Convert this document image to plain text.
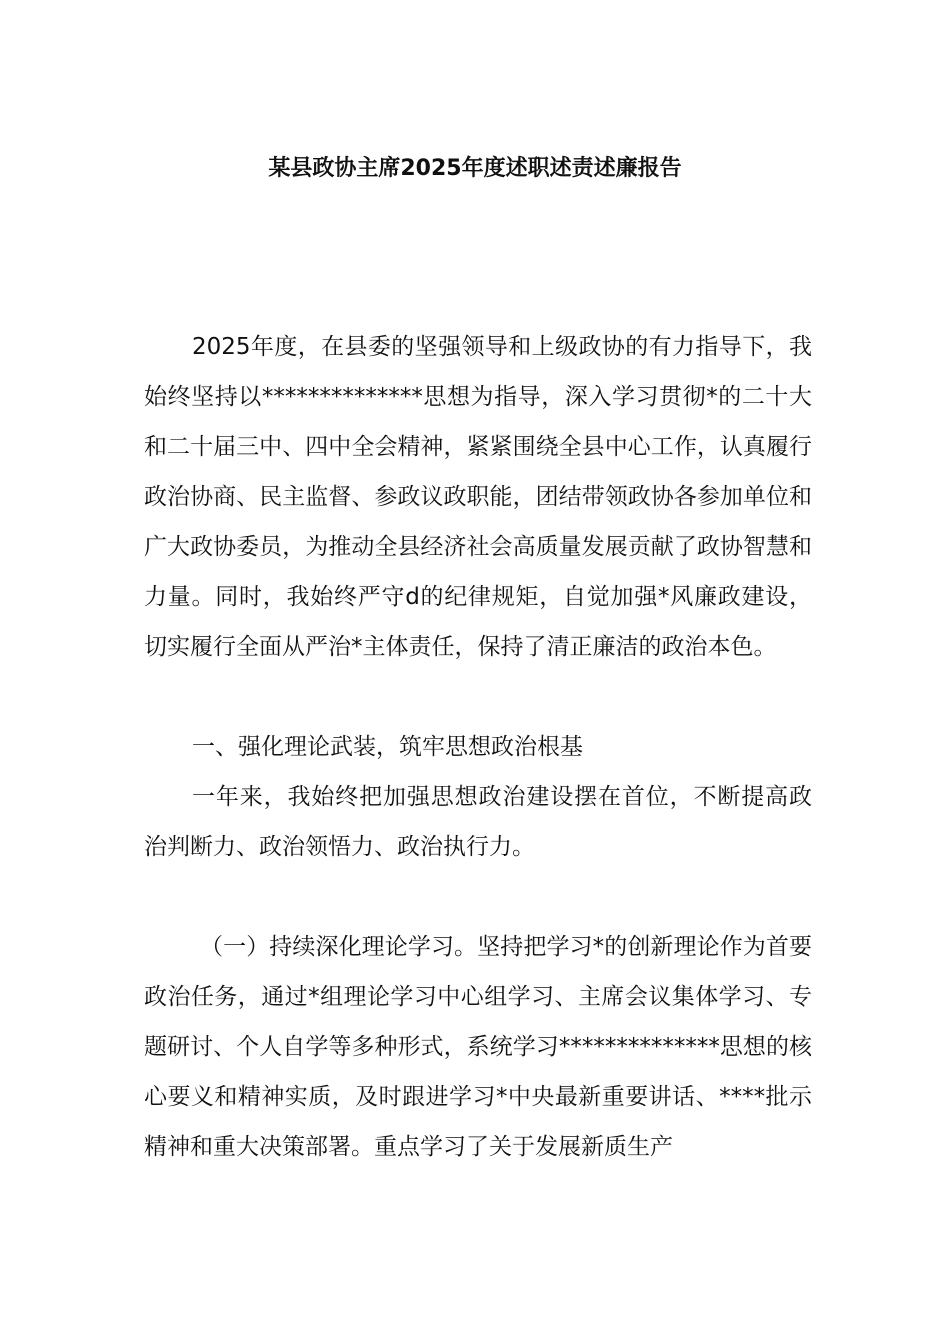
某县政协主席2025年度述职述责述廉报告

2025年度，在县委的坚强领导和上级政协的有力指导下，我始终坚持以**************思想为指导，深入学习贯彻*的二十大和二十届三中、四中全会精神，紧紧围绕全县中心工作，认真履行政治协商、民主监督、参政议政职能，团结带领政协各参加单位和广大政协委员，为推动全县经济社会高质量发展贡献了政协智慧和力量。同时，我始终严守d的纪律规矩，自觉加强*风廉政建设，切实履行全面从严治*主体责任，保持了清正廉洁的政治本色。

一、强化理论武装，筑牢思想政治根基

一年来，我始终把加强思想政治建设摆在首位，不断提高政治判断力、政治领悟力、政治执行力。

（一）持续深化理论学习。坚持把学习*的创新理论作为首要政治任务，通过*组理论学习中心组学习、主席会议集体学习、专题研讨、个人自学等多种形式，系统学习**************思想的核心要义和精神实质，及时跟进学习*中央最新重要讲话、****批示精神和重大决策部署。重点学习了关于发展新质生产
